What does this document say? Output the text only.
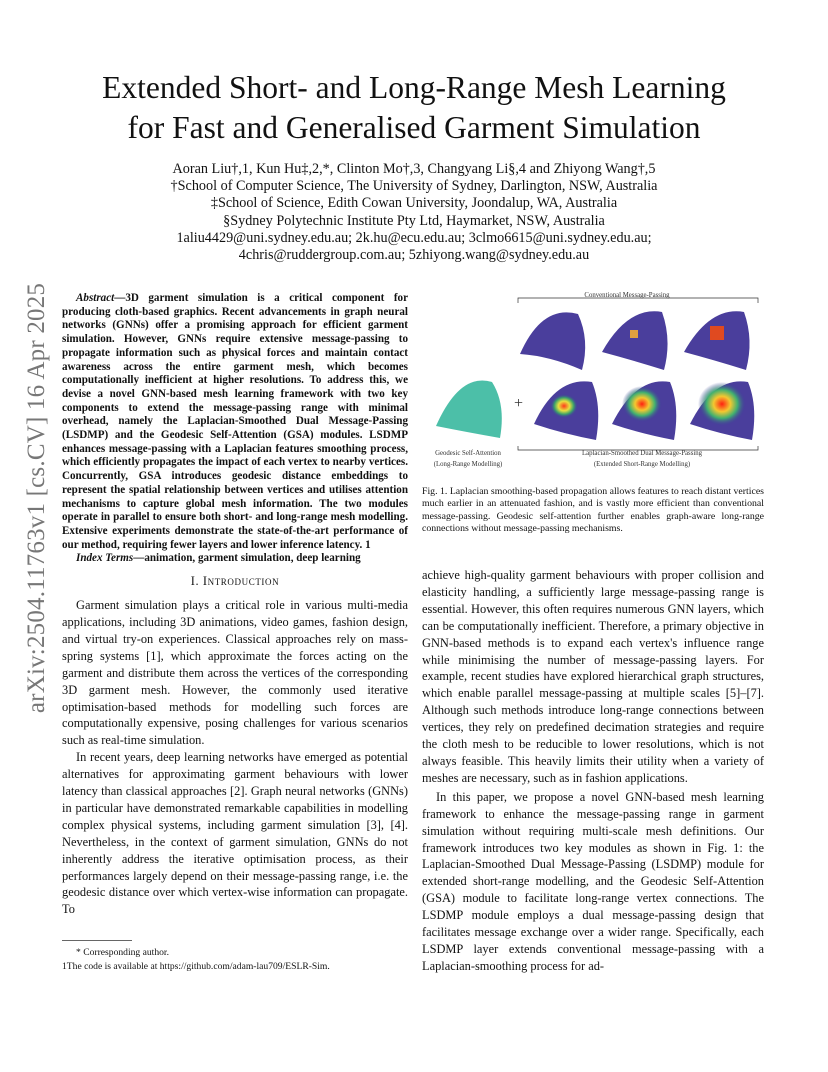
arXiv:2504.11763v1 [cs.CV] 16 Apr 2025
Extended Short- and Long-Range Mesh Learning
for Fast and Generalised Garment Simulation
Aoran Liu†,1, Kun Hu‡,2,*, Clinton Mo†,3, Changyang Li§,4 and Zhiyong Wang†,5
†School of Computer Science, The University of Sydney, Darlington, NSW, Australia
‡School of Science, Edith Cowan University, Joondalup, WA, Australia
§Sydney Polytechnic Institute Pty Ltd, Haymarket, NSW, Australia
1aliu4429@uni.sydney.edu.au; 2k.hu@ecu.edu.au; 3clmo6615@uni.sydney.edu.au;
4chris@ruddergroup.com.au; 5zhiyong.wang@sydney.edu.au
Abstract—3D garment simulation is a critical component for producing cloth-based graphics. Recent advancements in graph neural networks (GNNs) offer a promising approach for efficient garment simulation. However, GNNs require extensive message-passing to propagate information such as physical forces and maintain contact awareness across the entire garment mesh, which becomes computationally inefficient at higher resolutions. To address this, we devise a novel GNN-based mesh learning framework with two key components to extend the message-passing range with minimal overhead, namely the Laplacian-Smoothed Dual Message-Passing (LSDMP) and the Geodesic Self-Attention (GSA) modules. LSDMP enhances message-passing with a Laplacian features smoothing process, which efficiently propagates the impact of each vertex to nearby vertices. Concurrently, GSA introduces geodesic distance embeddings to represent the spatial relationship between vertices and utilises attention mechanisms to capture global mesh information. The two modules operate in parallel to ensure both short- and long-range mesh modelling. Extensive experiments demonstrate the state-of-the-art performance of our method, requiring fewer layers and lower inference latency. 1
Index Terms—animation, garment simulation, deep learning
I. Introduction

Garment simulation plays a critical role in various multi-media applications, including 3D animations, video games, fashion design, and virtual try-on experiences. Classical approaches rely on mass-spring systems [1], which approximate the forces acting on the garment and distribute them across the vertices of the corresponding 3D garment mesh. However, the commonly used iterative optimisation-based methods for modelling such forces are computationally expensive, posing challenges for various scenarios such as real-time simulation.

In recent years, deep learning networks have emerged as potential alternatives for approximating garment behaviours with lower latency than classical approaches [2]. Graph neural networks (GNNs) in particular have demonstrated remarkable capabilities in modelling complex physical systems, including garment simulation [3], [4]. Nevertheless, in the context of garment simulation, GNNs do not inherently address the iterative optimisation process, as their performances largely depend on their message-passing range, i.e. the geodesic distance over which vertex-wise information can propagate. To

* Corresponding author.
1The code is available at https://github.com/adam-lau709/ESLR-Sim.
+
Conventional Message-Passing
Geodesic Self-Attention
(Long-Range Modelling)
Laplacian-Smoothed Dual Message-Passing
(Extended Short-Range Modelling)
Fig. 1. Laplacian smoothing-based propagation allows features to reach distant vertices much earlier in an attenuated fashion, and is vastly more efficient than conventional message-passing. Geodesic self-attention further enables graph-aware long-range connections without message-passing mechanisms.

achieve high-quality garment behaviours with proper collision and elasticity handling, a sufficiently large message-passing range is essential. However, this often requires numerous GNN layers, which can be computationally inefficient. Therefore, a primary objective in GNN-based methods is to expand each vertex's influence range while minimising the number of message-passing layers. For example, recent studies have explored hierarchical graph structures, which enable parallel message-passing at multiple scales [5]–[7]. Although such methods introduce long-range connections between vertices, they rely on predefined decimation strategies and require the cloth mesh to be reducible to lower resolutions, which is not always feasible. This heavily limits their utility when a variety of meshes are necessary, such as in fashion applications.

In this paper, we propose a novel GNN-based mesh learning framework to enhance the message-passing range in garment simulation without requiring multi-scale mesh definitions. Our framework introduces two key modules as shown in Fig. 1: the Laplacian-Smoothed Dual Message-Passing (LSDMP) module for extended short-range modelling, and the Geodesic Self-Attention (GSA) module to facilitate long-range vertex connections. The LSDMP module employs a dual message-passing design that facilitates message exchange over a wider range. Specifically, each LSDMP layer extends conventional message-passing with a Laplacian-smoothing process for ad-
